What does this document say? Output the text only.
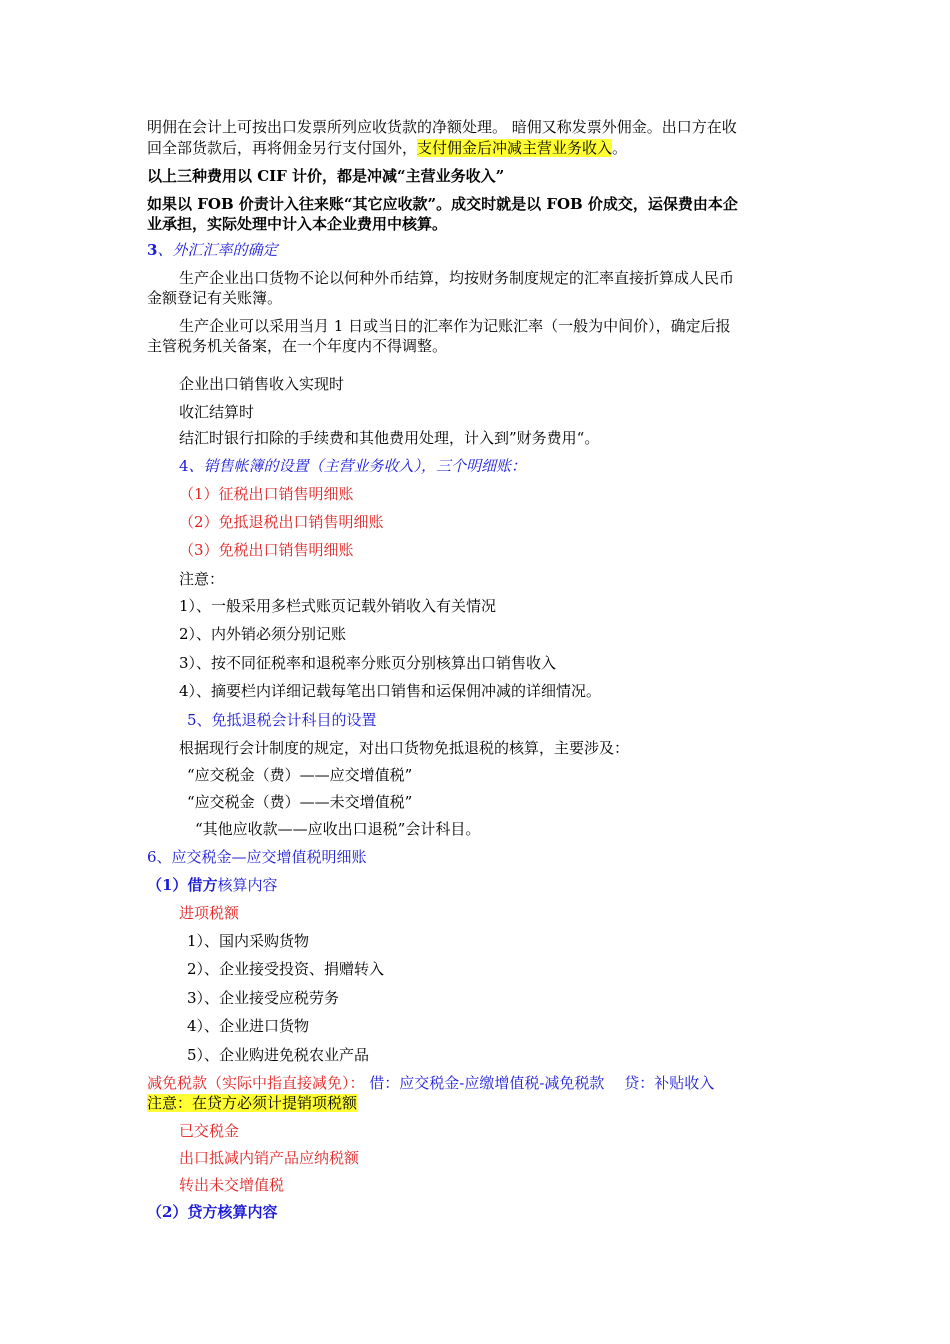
明佣在会计上可按出口发票所列应收货款的净额处理。 暗佣又称发票外佣金。出口方在收
回全部货款后，再将佣金另行支付国外，支付佣金后冲减主营业务收入。
以上三种费用以 CIF 计价，都是冲减“主营业务收入”
如果以 FOB 价责计入往来账“其它应收款”。成交时就是以 FOB 价成交，运保费由本企
业承担，实际处理中计入本企业费用中核算。
3、外汇汇率的确定
生产企业出口货物不论以何种外币结算，均按财务制度规定的汇率直接折算成人民币
金额登记有关账簿。
生产企业可以采用当月 1 日或当日的汇率作为记账汇率（一般为中间价），确定后报
主管税务机关备案，在一个年度内不得调整。
企业出口销售收入实现时
收汇结算时
结汇时银行扣除的手续费和其他费用处理，计入到”财务费用“。
4、销售帐簿的设置（主营业务收入），三个明细账：
（1）征税出口销售明细账
（2）免抵退税出口销售明细账
（3）免税出口销售明细账
注意：
1）、一般采用多栏式账页记载外销收入有关情况
2）、内外销必须分别记账
3）、按不同征税率和退税率分账页分别核算出口销售收入
4）、摘要栏内详细记载每笔出口销售和运保佣冲减的详细情况。
5、免抵退税会计科目的设置
根据现行会计制度的规定，对出口货物免抵退税的核算，主要涉及：
“应交税金（费）——应交增值税”
“应交税金（费）——未交增值税”
“其他应收款——应收出口退税”会计科目。
6、应交税金—应交增值税明细账
（1）借方核算内容
进项税额
1）、国内采购货物
2）、企业接受投资、捐赠转入
3）、企业接受应税劳务
4）、企业进口货物
5）、企业购进免税农业产品
减免税款（实际中指直接减免）： 借：应交税金-应缴增值税-减免税款　 贷：补贴收入
注意：在贷方必须计提销项税额
已交税金
出口抵减内销产品应纳税额
转出未交增值税
（2）贷方核算内容
